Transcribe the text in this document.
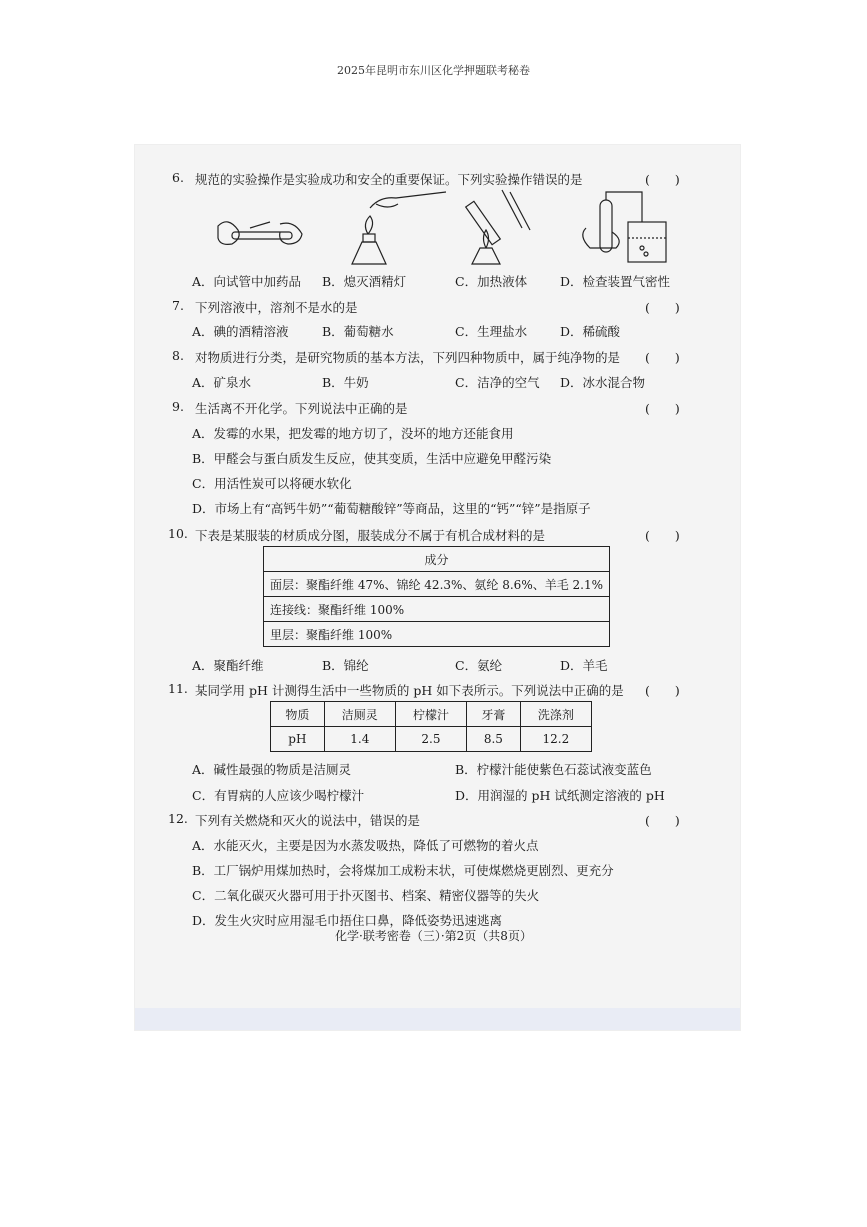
2025年昆明市东川区化学押题联考秘卷
6. 规范的实验操作是实验成功和安全的重要保证。下列实验操作错误的是	(　　)
A．向试管中加药品 B．熄灭酒精灯	C．加热液体	D．检查装置气密性
7. 下列溶液中，溶剂不是水的是	(　　)
A．碘的酒精溶液	B．葡萄糖水	C．生理盐水	D．稀硫酸
8. 对物质进行分类，是研究物质的基本方法，下列四种物质中，属于纯净物的是 (　　)
A．矿泉水	B．牛奶	C．洁净的空气 D．冰水混合物
9. 生活离不开化学。下列说法中正确的是	(　　)
A．发霉的水果，把发霉的地方切了，没坏的地方还能食用
B．甲醛会与蛋白质发生反应，使其变质，生活中应避免甲醛污染
C．用活性炭可以将硬水软化
D．市场上有“高钙牛奶”“葡萄糖酸锌”等商品，这里的“钙”“锌”是指原子
10. 下表是某服装的材质成分图，服装成分不属于有机合成材料的是	(　　)
成分
面层：聚酯纤维 47%、锦纶 42.3%、氨纶 8.6%、羊毛 2.1%
连接线：聚酯纤维 100%
里层：聚酯纤维 100%
A．聚酯纤维	B．锦纶	C．氨纶	D．羊毛
11. 某同学用 pH 计测得生活中一些物质的 pH 如下表所示。下列说法中正确的是 (　　)
物质	洁厕灵	柠檬汁	牙膏	洗涤剂
pH	1.4	2.5	8.5	12.2
A．碱性最强的物质是洁厕灵	B．柠檬汁能使紫色石蕊试液变蓝色
C．有胃病的人应该少喝柠檬汁	D．用润湿的 pH 试纸测定溶液的 pH
12. 下列有关燃烧和灭火的说法中，错误的是	(　　)
A．水能灭火，主要是因为水蒸发吸热，降低了可燃物的着火点
B．工厂锅炉用煤加热时，会将煤加工成粉末状，可使煤燃烧更剧烈、更充分
C．二氧化碳灭火器可用于扑灭图书、档案、精密仪器等的失火
D．发生火灾时应用湿毛巾捂住口鼻，降低姿势迅速逃离
化学·联考密卷（三）·第2页（共8页）
